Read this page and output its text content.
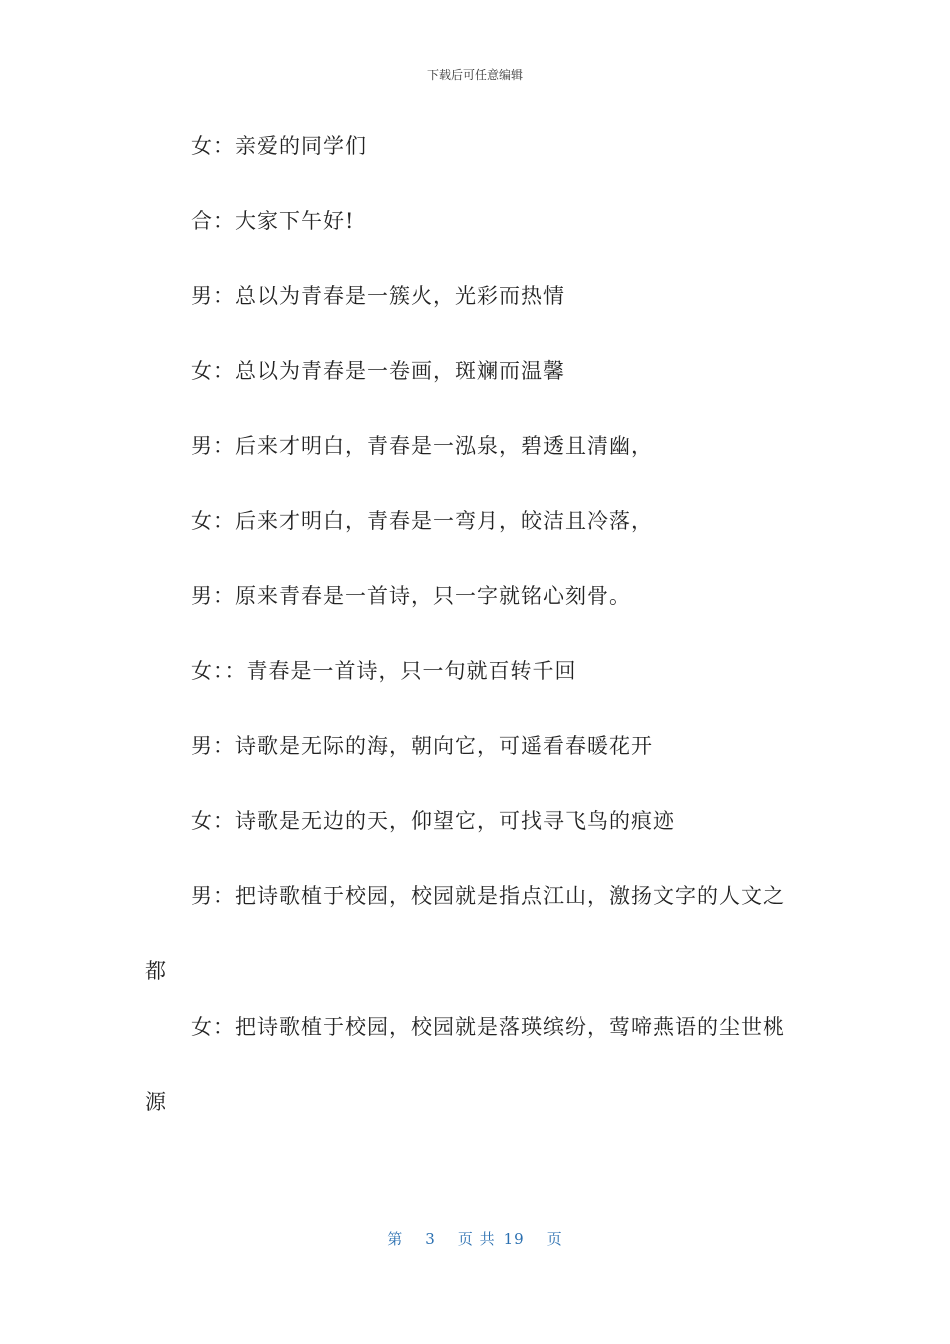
下载后可任意编辑
女：亲爱的同学们
合：大家下午好!
男：总以为青春是一簇火，光彩而热情
女：总以为青春是一卷画，斑斓而温馨
男：后来才明白，青春是一泓泉，碧透且清幽，
女：后来才明白，青春是一弯月，皎洁且冷落，
男：原来青春是一首诗，只一字就铭心刻骨。
女：：青春是一首诗，只一句就百转千回
男：诗歌是无际的海，朝向它，可遥看春暖花开
女：诗歌是无边的天，仰望它，可找寻飞鸟的痕迹
男：把诗歌植于校园，校园就是指点江山，激扬文字的人文之都
女：把诗歌植于校园，校园就是落瑛缤纷，莺啼燕语的尘世桃源
第 3 页 共 19 页
